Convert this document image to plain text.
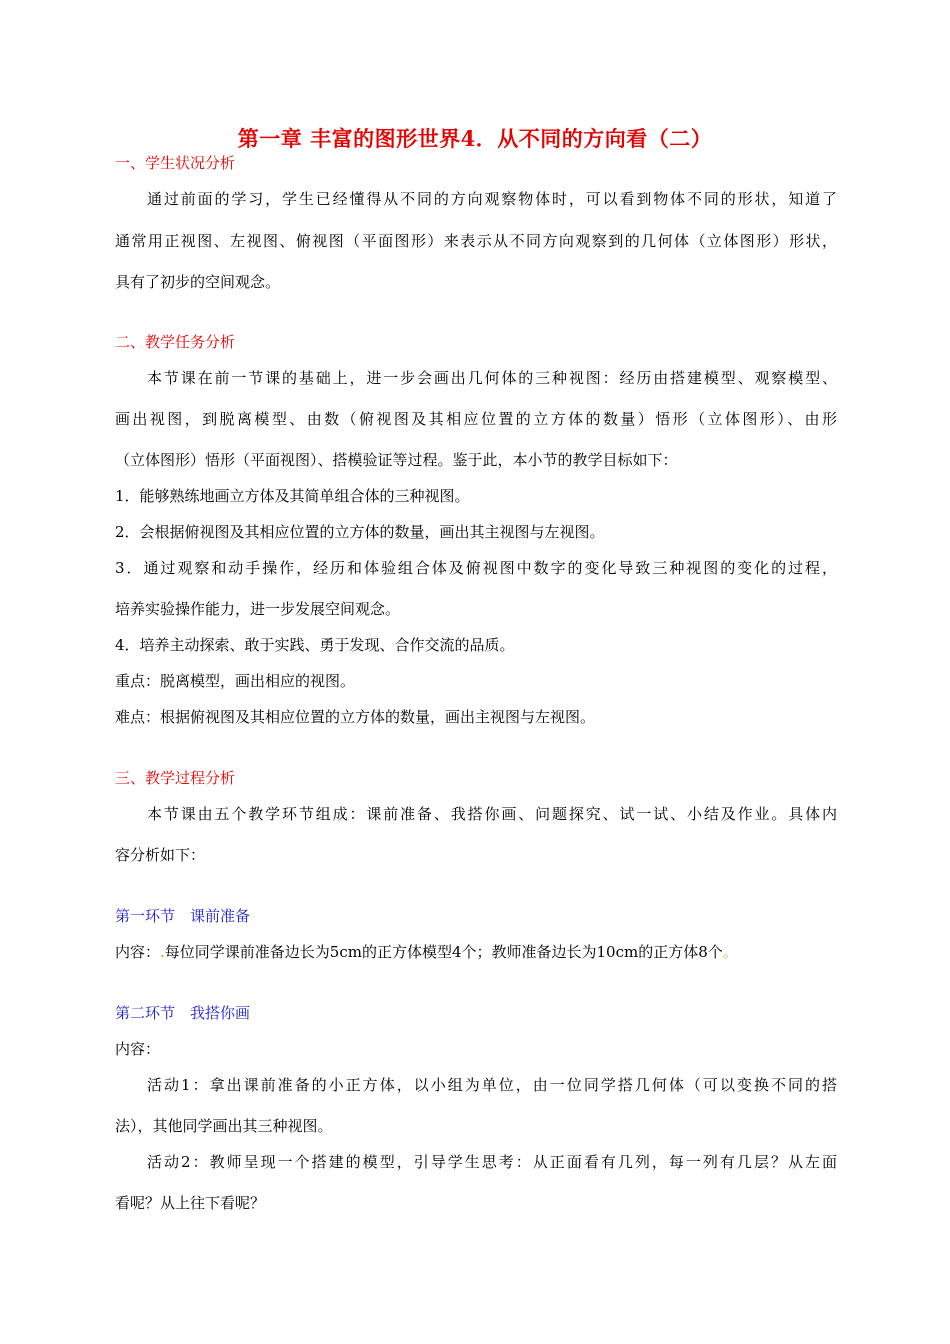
第一章 丰富的图形世界4．从不同的方向看（二）
一、学生状况分析
通过前面的学习，学生已经懂得从不同的方向观察物体时，可以看到物体不同的形状，知道了
通常用正视图、左视图、俯视图（平面图形）来表示从不同方向观察到的几何体（立体图形）形状，
具有了初步的空间观念。
二、教学任务分析
本节课在前一节课的基础上，进一步会画出几何体的三种视图：经历由搭建模型、观察模型、
画出视图，到脱离模型、由数（俯视图及其相应位置的立方体的数量）悟形（立体图形）、由形
（立体图形）悟形（平面视图）、搭模验证等过程。鉴于此，本小节的教学目标如下：
1．能够熟练地画立方体及其简单组合体的三种视图。
2．会根据俯视图及其相应位置的立方体的数量，画出其主视图与左视图。
3．通过观察和动手操作，经历和体验组合体及俯视图中数字的变化导致三种视图的变化的过程，
培养实验操作能力，进一步发展空间观念。
4．培养主动探索、敢于实践、勇于发现、合作交流的品质。
重点：脱离模型，画出相应的视图。
难点：根据俯视图及其相应位置的立方体的数量，画出主视图与左视图。
三、教学过程分析
本节课由五个教学环节组成：课前准备、我搭你画、问题探究、试一试、小结及作业。具体内
容分析如下：
第一环节　课前准备
内容：.每位同学课前准备边长为5cm的正方体模型4个；教师准备边长为10cm的正方体8个。
第二环节　我搭你画
内容：
活动1：拿出课前准备的小正方体，以小组为单位，由一位同学搭几何体（可以变换不同的搭
法），其他同学画出其三种视图。
活动2：教师呈现一个搭建的模型，引导学生思考：从正面看有几列，每一列有几层？从左面
看呢？从上往下看呢？
